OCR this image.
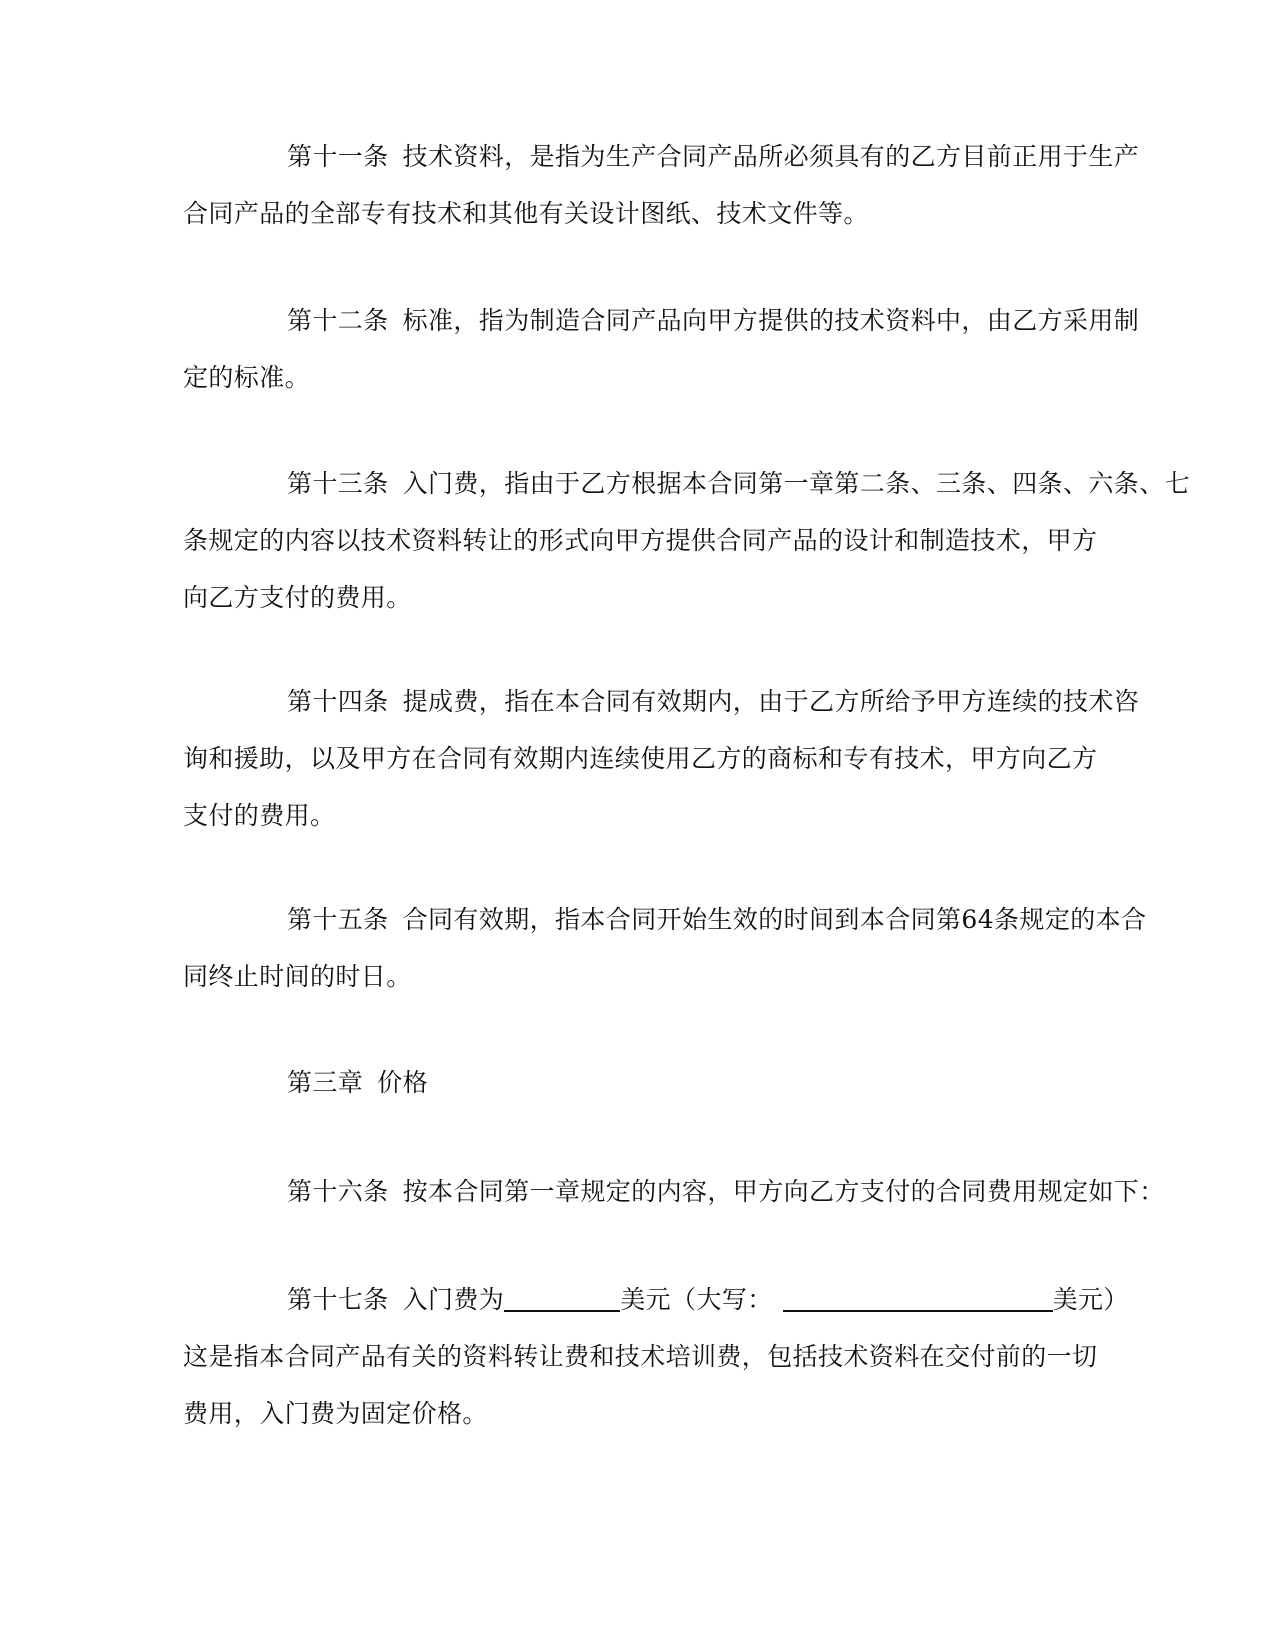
第十一条 技术资料，是指为生产合同产品所必须具有的乙方目前正用于生产
合同产品的全部专有技术和其他有关设计图纸、技术文件等。

第十二条 标准，指为制造合同产品向甲方提供的技术资料中，由乙方采用制
定的标准。

第十三条 入门费，指由于乙方根据本合同第一章第二条、三条、四条、六条、七
条规定的内容以技术资料转让的形式向甲方提供合同产品的设计和制造技术，甲方
向乙方支付的费用。

第十四条 提成费，指在本合同有效期内，由于乙方所给予甲方连续的技术咨
询和援助，以及甲方在合同有效期内连续使用乙方的商标和专有技术，甲方向乙方
支付的费用。

第十五条 合同有效期，指本合同开始生效的时间到本合同第64条规定的本合
同终止时间的时日。

第三章 价格

第十六条 按本合同第一章规定的内容，甲方向乙方支付的合同费用规定如下：

第十七条 入门费为	美元（大写：	美元）
这是指本合同产品有关的资料转让费和技术培训费，包括技术资料在交付前的一切
费用，入门费为固定价格。
